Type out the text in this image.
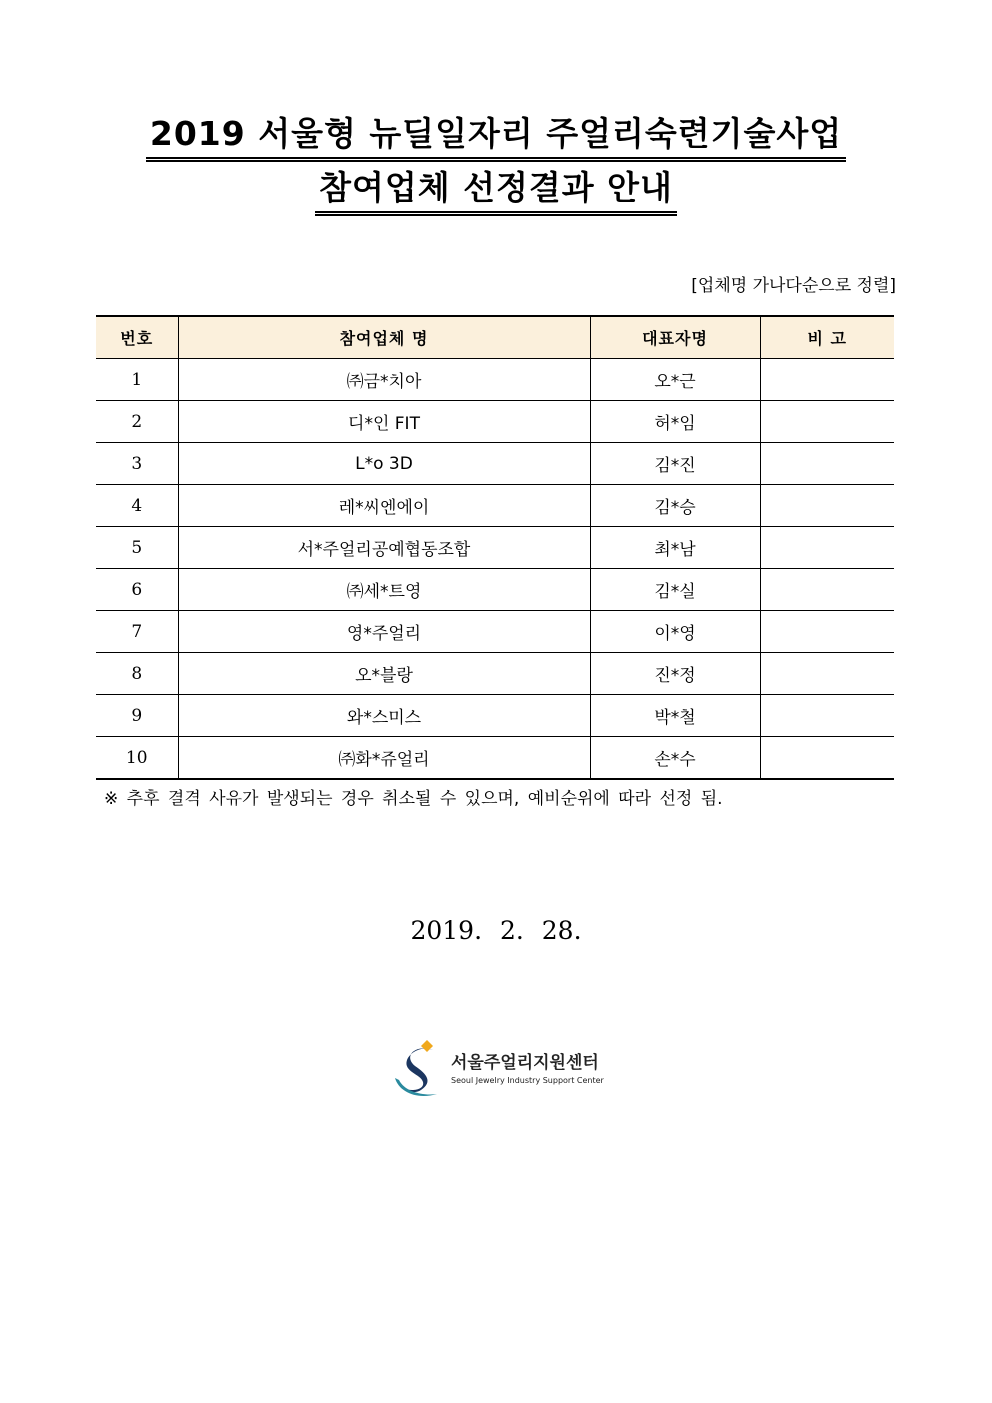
2019 서울형 뉴딜일자리 주얼리숙련기술사업
참여업체 선정결과 안내
[업체명 가나다순으로 정렬]
번호	참여업체 명	대표자명	비 고
1	㈜금*치아	오*근	
2	디*인 FIT	허*임	
3	L*o 3D	김*진	
4	레*씨엔에이	김*승	
5	서*주얼리공예협동조합	최*남	
6	㈜세*트영	김*실	
7	영*주얼리	이*영	
8	오*블랑	진*정	
9	와*스미스	박*철	
10	㈜화*쥬얼리	손*수	
※ 추후 결격 사유가 발생되는 경우 취소될 수 있으며, 예비순위에 따라 선정 됨.
2019. 2. 28.
서울주얼리지원센터
Seoul Jewelry Industry Support Center
